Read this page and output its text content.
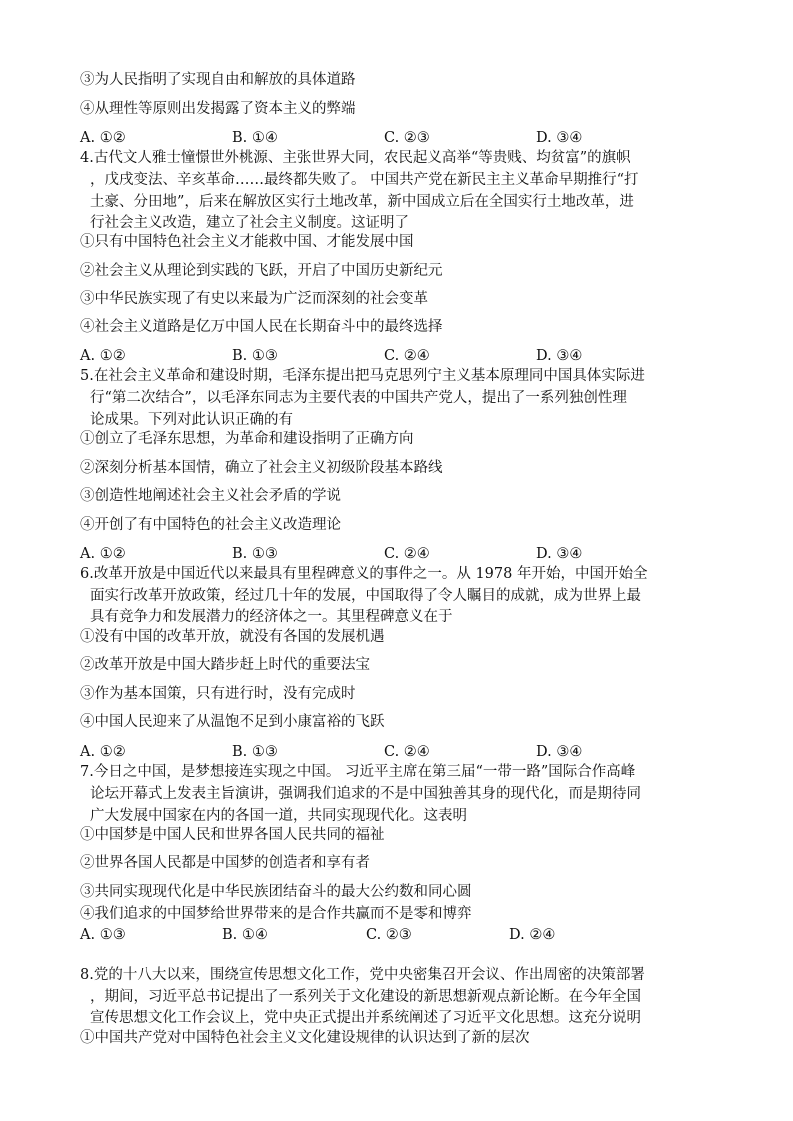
③为人民指明了实现自由和解放的具体道路
④从理性等原则出发揭露了资本主义的弊端
A. ①②	B. ①④	C. ②③	D. ③④
4.古代文人雅士憧憬世外桃源、主张世界大同，农民起义高举“等贵贱、均贫富”的旗帜
，戊戌变法、辛亥革命……最终都失败了。 中国共产党在新民主主义革命早期推行“打
土豪、分田地”，后来在解放区实行土地改革，新中国成立后在全国实行土地改革，进
行社会主义改造，建立了社会主义制度。这证明了
①只有中国特色社会主义才能救中国、才能发展中国
②社会主义从理论到实践的飞跃，开启了中国历史新纪元
③中华民族实现了有史以来最为广泛而深刻的社会变革
④社会主义道路是亿万中国人民在长期奋斗中的最终选择
A. ①②	B. ①③	C. ②④	D. ③④
5.在社会主义革命和建设时期，毛泽东提出把马克思列宁主义基本原理同中国具体实际进
行“第二次结合”，以毛泽东同志为主要代表的中国共产党人，提出了一系列独创性理
论成果。下列对此认识正确的有
①创立了毛泽东思想，为革命和建设指明了正确方向
②深刻分析基本国情，确立了社会主义初级阶段基本路线
③创造性地阐述社会主义社会矛盾的学说
④开创了有中国特色的社会主义改造理论
A. ①②	B. ①③	C. ②④	D. ③④
6.改革开放是中国近代以来最具有里程碑意义的事件之一。从 1978 年开始，中国开始全
面实行改革开放政策，经过几十年的发展，中国取得了令人瞩目的成就，成为世界上最
具有竞争力和发展潜力的经济体之一。其里程碑意义在于
①没有中国的改革开放，就没有各国的发展机遇
②改革开放是中国大踏步赶上时代的重要法宝
③作为基本国策，只有进行时，没有完成时
④中国人民迎来了从温饱不足到小康富裕的飞跃
A. ①②	B. ①③	C. ②④	D. ③④
7.今日之中国，是梦想接连实现之中国。 习近平主席在第三届“一带一路”国际合作高峰
论坛开幕式上发表主旨演讲，强调我们追求的不是中国独善其身的现代化，而是期待同
广大发展中国家在内的各国一道，共同实现现代化。这表明
①中国梦是中国人民和世界各国人民共同的福祉
②世界各国人民都是中国梦的创造者和享有者
③共同实现现代化是中华民族团结奋斗的最大公约数和同心圆
④我们追求的中国梦给世界带来的是合作共赢而不是零和博弈
A. ①③	B. ①④	C. ②③	D. ②④
8.党的十八大以来，围绕宣传思想文化工作，党中央密集召开会议、作出周密的决策部署
，期间，习近平总书记提出了一系列关于文化建设的新思想新观点新论断。在今年全国
宣传思想文化工作会议上，党中央正式提出并系统阐述了习近平文化思想。这充分说明
①中国共产党对中国特色社会主义文化建设规律的认识达到了新的层次
